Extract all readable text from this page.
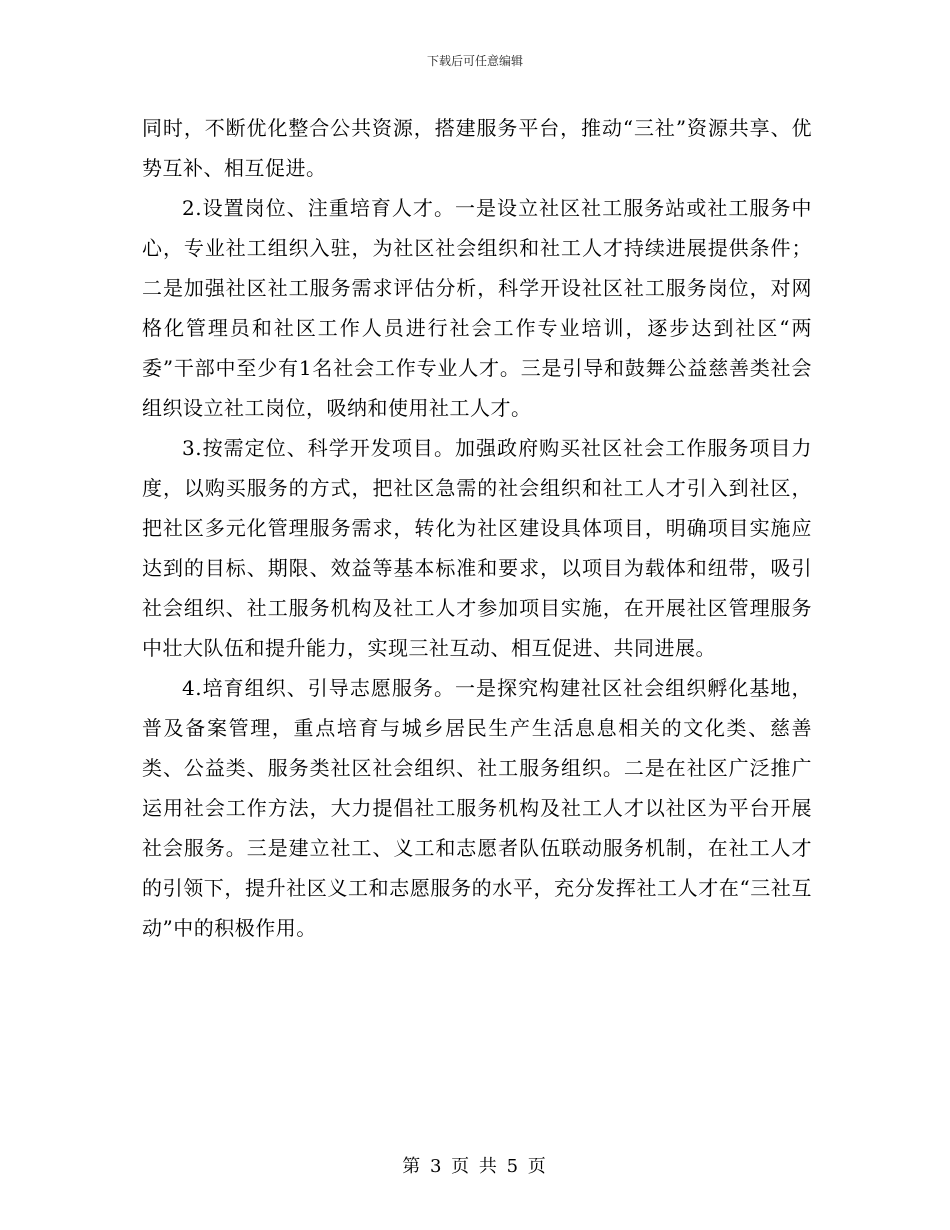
下载后可任意编辑

同时，不断优化整合公共资源，搭建服务平台，推动“三社”资源共享、优势互补、相互促进。

2.设置岗位、注重培育人才。一是设立社区社工服务站或社工服务中心，专业社工组织入驻，为社区社会组织和社工人才持续进展提供条件；二是加强社区社工服务需求评估分析，科学开设社区社工服务岗位，对网格化管理员和社区工作人员进行社会工作专业培训，逐步达到社区“两委”干部中至少有1名社会工作专业人才。三是引导和鼓舞公益慈善类社会组织设立社工岗位，吸纳和使用社工人才。

3.按需定位、科学开发项目。加强政府购买社区社会工作服务项目力度，以购买服务的方式，把社区急需的社会组织和社工人才引入到社区，把社区多元化管理服务需求，转化为社区建设具体项目，明确项目实施应达到的目标、期限、效益等基本标准和要求，以项目为载体和纽带，吸引社会组织、社工服务机构及社工人才参加项目实施，在开展社区管理服务中壮大队伍和提升能力，实现三社互动、相互促进、共同进展。

4.培育组织、引导志愿服务。一是探究构建社区社会组织孵化基地，普及备案管理，重点培育与城乡居民生产生活息息相关的文化类、慈善类、公益类、服务类社区社会组织、社工服务组织。二是在社区广泛推广运用社会工作方法，大力提倡社工服务机构及社工人才以社区为平台开展社会服务。三是建立社工、义工和志愿者队伍联动服务机制，在社工人才的引领下，提升社区义工和志愿服务的水平，充分发挥社工人才在“三社互动”中的积极作用。

第 3 页 共 5 页
